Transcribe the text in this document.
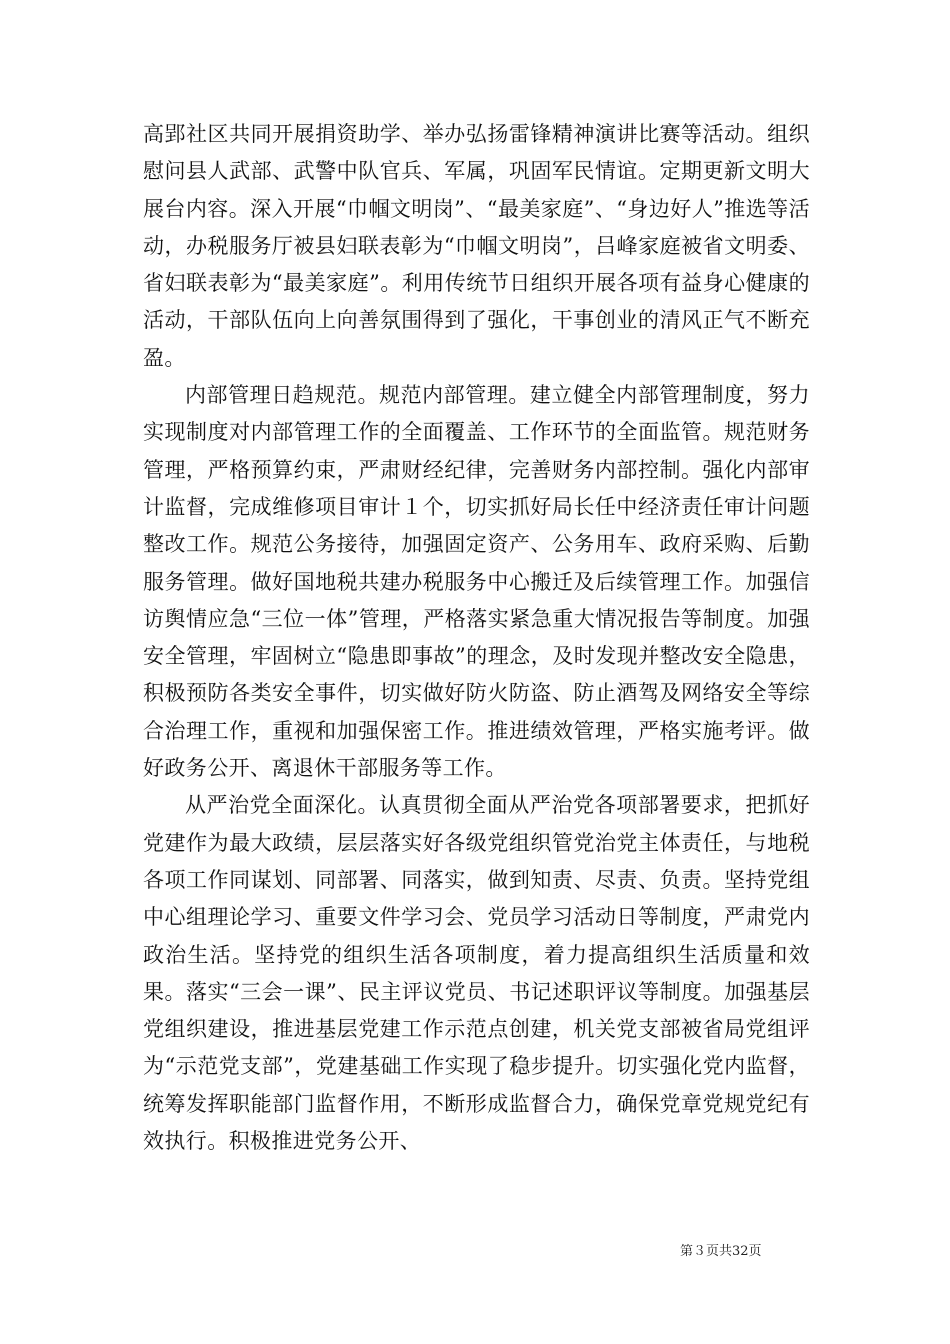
高郢社区共同开展捐资助学、举办弘扬雷锋精神演讲比赛等活动。组织慰问县人武部、武警中队官兵、军属，巩固军民情谊。定期更新文明大展台内容。深入开展“巾帼文明岗”、“最美家庭”、“身边好人”推选等活动，办税服务厅被县妇联表彰为“巾帼文明岗”，吕峰家庭被省文明委、省妇联表彰为“最美家庭”。利用传统节日组织开展各项有益身心健康的活动，干部队伍向上向善氛围得到了强化，干事创业的清风正气不断充盈。

内部管理日趋规范。规范内部管理。建立健全内部管理制度，努力实现制度对内部管理工作的全面覆盖、工作环节的全面监管。规范财务管理，严格预算约束，严肃财经纪律，完善财务内部控制。强化内部审计监督，完成维修项目审计１个，切实抓好局长任中经济责任审计问题整改工作。规范公务接待，加强固定资产、公务用车、政府采购、后勤服务管理。做好国地税共建办税服务中心搬迁及后续管理工作。加强信访舆情应急“三位一体”管理，严格落实紧急重大情况报告等制度。加强安全管理，牢固树立“隐患即事故”的理念，及时发现并整改安全隐患，积极预防各类安全事件，切实做好防火防盗、防止酒驾及网络安全等综合治理工作，重视和加强保密工作。推进绩效管理，严格实施考评。做好政务公开、离退休干部服务等工作。

从严治党全面深化。认真贯彻全面从严治党各项部署要求，把抓好党建作为最大政绩，层层落实好各级党组织管党治党主体责任，与地税各项工作同谋划、同部署、同落实，做到知责、尽责、负责。坚持党组中心组理论学习、重要文件学习会、党员学习活动日等制度，严肃党内政治生活。坚持党的组织生活各项制度，着力提高组织生活质量和效果。落实“三会一课”、民主评议党员、书记述职评议等制度。加强基层党组织建设，推进基层党建工作示范点创建，机关党支部被省局党组评为“示范党支部”，党建基础工作实现了稳步提升。切实强化党内监督，统筹发挥职能部门监督作用，不断形成监督合力，确保党章党规党纪有效执行。积极推进党务公开、

第３页共32页
